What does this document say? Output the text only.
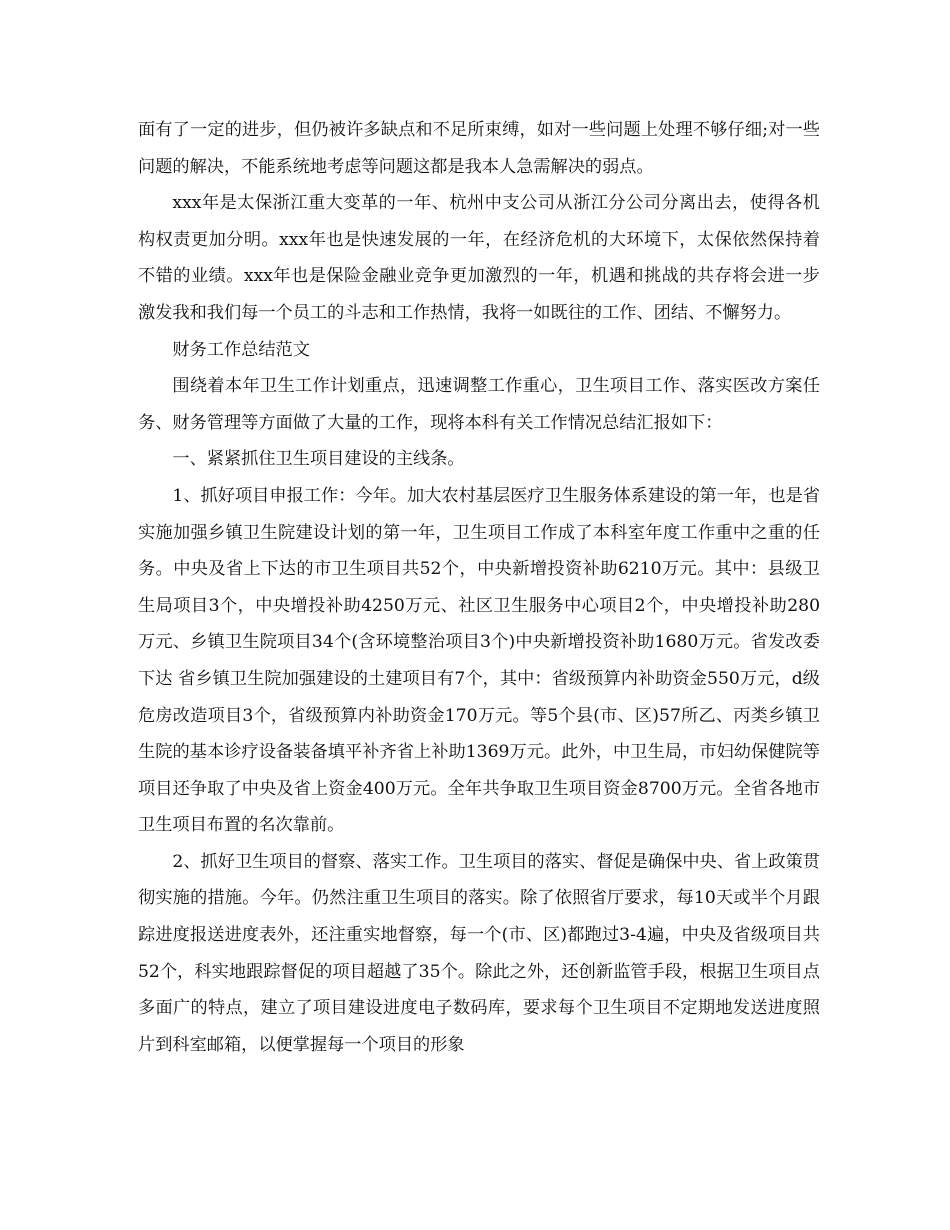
面有了一定的进步，但仍被许多缺点和不足所束缚，如对一些问题上处理不够仔细;对一些问题的解决，不能系统地考虑等问题这都是我本人急需解决的弱点。

xxx年是太保浙江重大变革的一年、杭州中支公司从浙江分公司分离出去，使得各机构权责更加分明。xxx年也是快速发展的一年，在经济危机的大环境下，太保依然保持着不错的业绩。xxx年也是保险金融业竞争更加激烈的一年，机遇和挑战的共存将会进一步激发我和我们每一个员工的斗志和工作热情，我将一如既往的工作、团结、不懈努力。

财务工作总结范文

围绕着本年卫生工作计划重点，迅速调整工作重心，卫生项目工作、落实医改方案任务、财务管理等方面做了大量的工作，现将本科有关工作情况总结汇报如下：

一、紧紧抓住卫生项目建设的主线条。

1、抓好项目申报工作：今年。加大农村基层医疗卫生服务体系建设的第一年，也是省实施加强乡镇卫生院建设计划的第一年，卫生项目工作成了本科室年度工作重中之重的任务。中央及省上下达的市卫生项目共52个，中央新增投资补助6210万元。其中：县级卫生局项目3个，中央增投补助4250万元、社区卫生服务中心项目2个，中央增投补助280万元、乡镇卫生院项目34个(含环境整治项目3个)中央新增投资补助1680万元。省发改委下达 省乡镇卫生院加强建设的土建项目有7个，其中：省级预算内补助资金550万元，d级危房改造项目3个，省级预算内补助资金170万元。等5个县(市、区)57所乙、丙类乡镇卫生院的基本诊疗设备装备填平补齐省上补助1369万元。此外，中卫生局，市妇幼保健院等项目还争取了中央及省上资金400万元。全年共争取卫生项目资金8700万元。全省各地市卫生项目布置的名次靠前。

2、抓好卫生项目的督察、落实工作。卫生项目的落实、督促是确保中央、省上政策贯彻实施的措施。今年。仍然注重卫生项目的落实。除了依照省厅要求，每10天或半个月跟踪进度报送进度表外，还注重实地督察，每一个(市、区)都跑过3-4遍，中央及省级项目共52个，科实地跟踪督促的项目超越了35个。除此之外，还创新监管手段，根据卫生项目点多面广的特点，建立了项目建设进度电子数码库，要求每个卫生项目不定期地发送进度照片到科室邮箱，以便掌握每一个项目的形象
